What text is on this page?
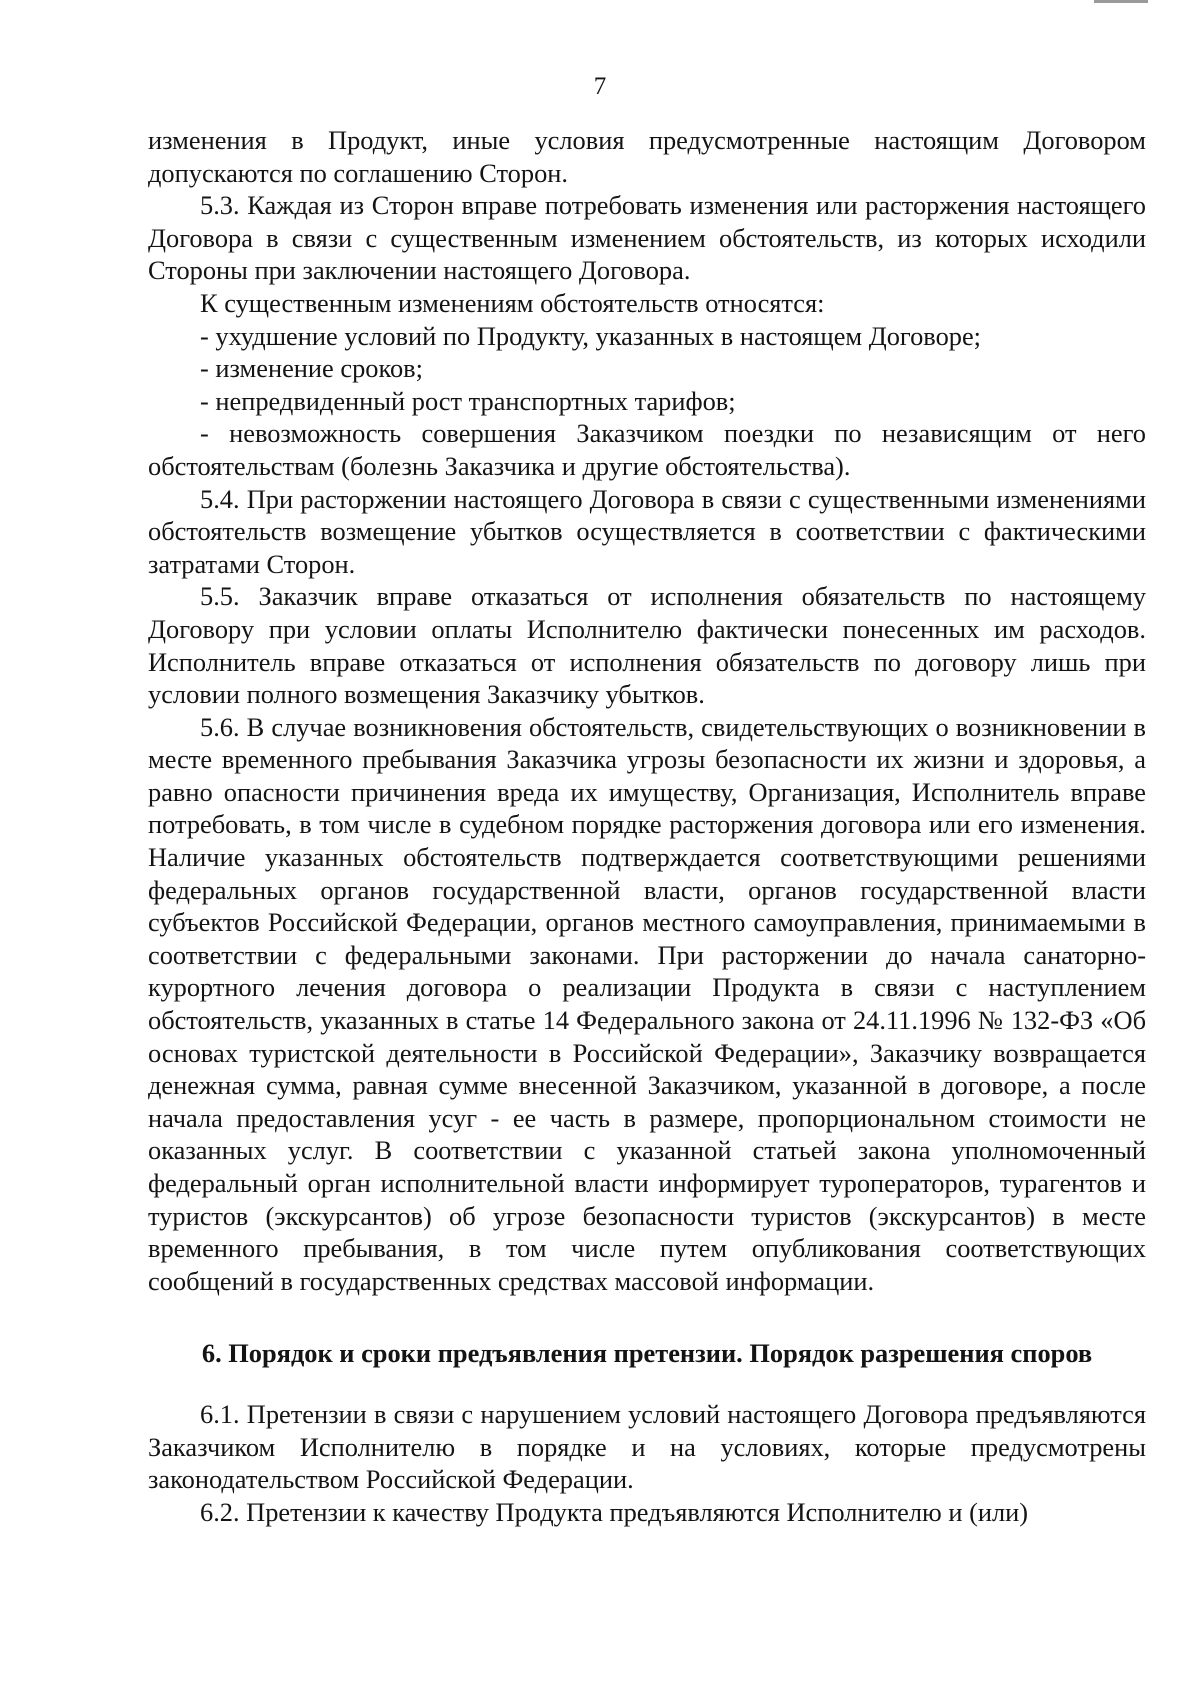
7

изменения в Продукт, иные условия предусмотренные настоящим Договором допускаются по соглашению Сторон.

5.3. Каждая из Сторон вправе потребовать изменения или расторжения настоящего Договора в связи с существенным изменением обстоятельств, из которых исходили Стороны при заключении настоящего Договора.

К существенным изменениям обстоятельств относятся:

- ухудшение условий по Продукту, указанных в настоящем Договоре;

- изменение сроков;

- непредвиденный рост транспортных тарифов;

- невозможность совершения Заказчиком поездки по независящим от него обстоятельствам (болезнь Заказчика и другие обстоятельства).

5.4. При расторжении настоящего Договора в связи с существенными изменениями обстоятельств возмещение убытков осуществляется в соответствии с фактическими затратами Сторон.

5.5. Заказчик вправе отказаться от исполнения обязательств по настоящему Договору при условии оплаты Исполнителю фактически понесенных им расходов. Исполнитель вправе отказаться от исполнения обязательств по договору лишь при условии полного возмещения Заказчику убытков.

5.6. В случае возникновения обстоятельств, свидетельствующих о возникновении в месте временного пребывания Заказчика угрозы безопасности их жизни и здоровья, а равно опасности причинения вреда их имуществу, Организация, Исполнитель вправе потребовать, в том числе в судебном порядке расторжения договора или его изменения. Наличие указанных обстоятельств подтверждается соответствующими решениями федеральных органов государственной власти, органов государственной власти субъектов Российской Федерации, органов местного самоуправления, принимаемыми в соответствии с федеральными законами. При расторжении до начала санаторно-курортного лечения договора о реализации Продукта в связи с наступлением обстоятельств, указанных в статье 14 Федерального закона от 24.11.1996 № 132-ФЗ «Об основах туристской деятельности в Российской Федерации», Заказчику возвращается денежная сумма, равная сумме внесенной Заказчиком, указанной в договоре, а после начала предоставления усуг - ее часть в размере, пропорциональном стоимости не оказанных услуг. В соответствии с указанной статьей закона уполномоченный федеральный орган исполнительной власти информирует туроператоров, турагентов и туристов (экскурсантов) об угрозе безопасности туристов (экскурсантов) в месте временного пребывания, в том числе путем опубликования соответствующих сообщений в государственных средствах массовой информации.

6. Порядок и сроки предъявления претензии. Порядок разрешения споров

6.1. Претензии в связи с нарушением условий настоящего Договора предъявляются Заказчиком Исполнителю в порядке и на условиях, которые предусмотрены законодательством Российской Федерации.

6.2. Претензии к качеству Продукта предъявляются Исполнителю и (или)
